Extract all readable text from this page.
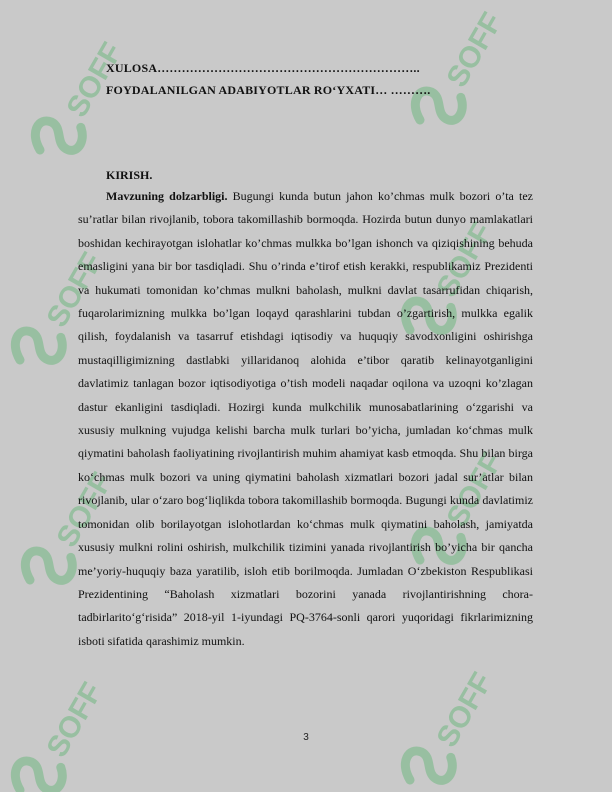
SOFF
XULOSA………………………………………………………..
FOYDALANILGAN ADABIYOTLAR RO‘YXATI… ……….
KIRISH.

Mavzuning dolzarbligi. Bugungi kunda butun jahon ko’chmas mulk bozori o’ta tez su’ratlar bilan rivojlanib, tobora takomillashib bormoqda. Hozirda butun dunyo mamlakatlari boshidan kechirayotgan islohatlar ko’chmas mulkka bo’lgan ishonch va qiziqishining behuda emasligini yana bir bor tasdiqladi. Shu o’rinda e’tirof etish kerakki, respublikamiz Prezidenti va hukumati tomonidan ko’chmas mulkni baholash, mulkni davlat tasarrufidan chiqarish, fuqarolarimizning mulkka bo’lgan loqayd qarashlarini tubdan o’zgartirish, mulkka egalik qilish, foydalanish va tasarruf etishdagi iqtisodiy va huquqiy savodxonligini oshirishga mustaqilligimizning dastlabki yillaridanoq alohida e’tibor qaratib kelinayotganligini davlatimiz tanlagan bozor iqtisodiyotiga o’tish modeli naqadar oqilona va uzoqni ko’zlagan dastur ekanligini tasdiqladi. Hozirgi kunda mulkchilik munosabatlarining o‘zgarishi va xususiy mulkning vujudga kelishi barcha mulk turlari bo’yicha, jumladan ko‘chmas mulk qiymatini baholash faoliyatining rivojlantirish muhim ahamiyat kasb etmoqda. Shu bilan birga ko‘chmas mulk bozori va uning qiymatini baholash xizmatlari bozori jadal sur’atlar bilan rivojlanib, ular o‘zaro bog‘liqlikda tobora takomillashib bormoqda. Bugungi kunda davlatimiz tomonidan olib borilayotgan islohotlardan ko‘chmas mulk qiymatini baholash, jamiyatda xususiy mulkni rolini oshirish, mulkchilik tizimini yanada rivojlantirish bo’yicha bir qancha me’yoriy-huquqiy baza yaratilib, isloh etib borilmoqda. Jumladan O‘zbekiston Respublikasi Prezidentining “Baholash xizmatlari bozorini yanada rivojlantirishning chora-tadbirlarito‘g‘risida” 2018-yil 1-iyundagi PQ-3764-sonli qarori yuqoridagi fikrlarimizning isboti sifatida qarashimiz mumkin.

3
